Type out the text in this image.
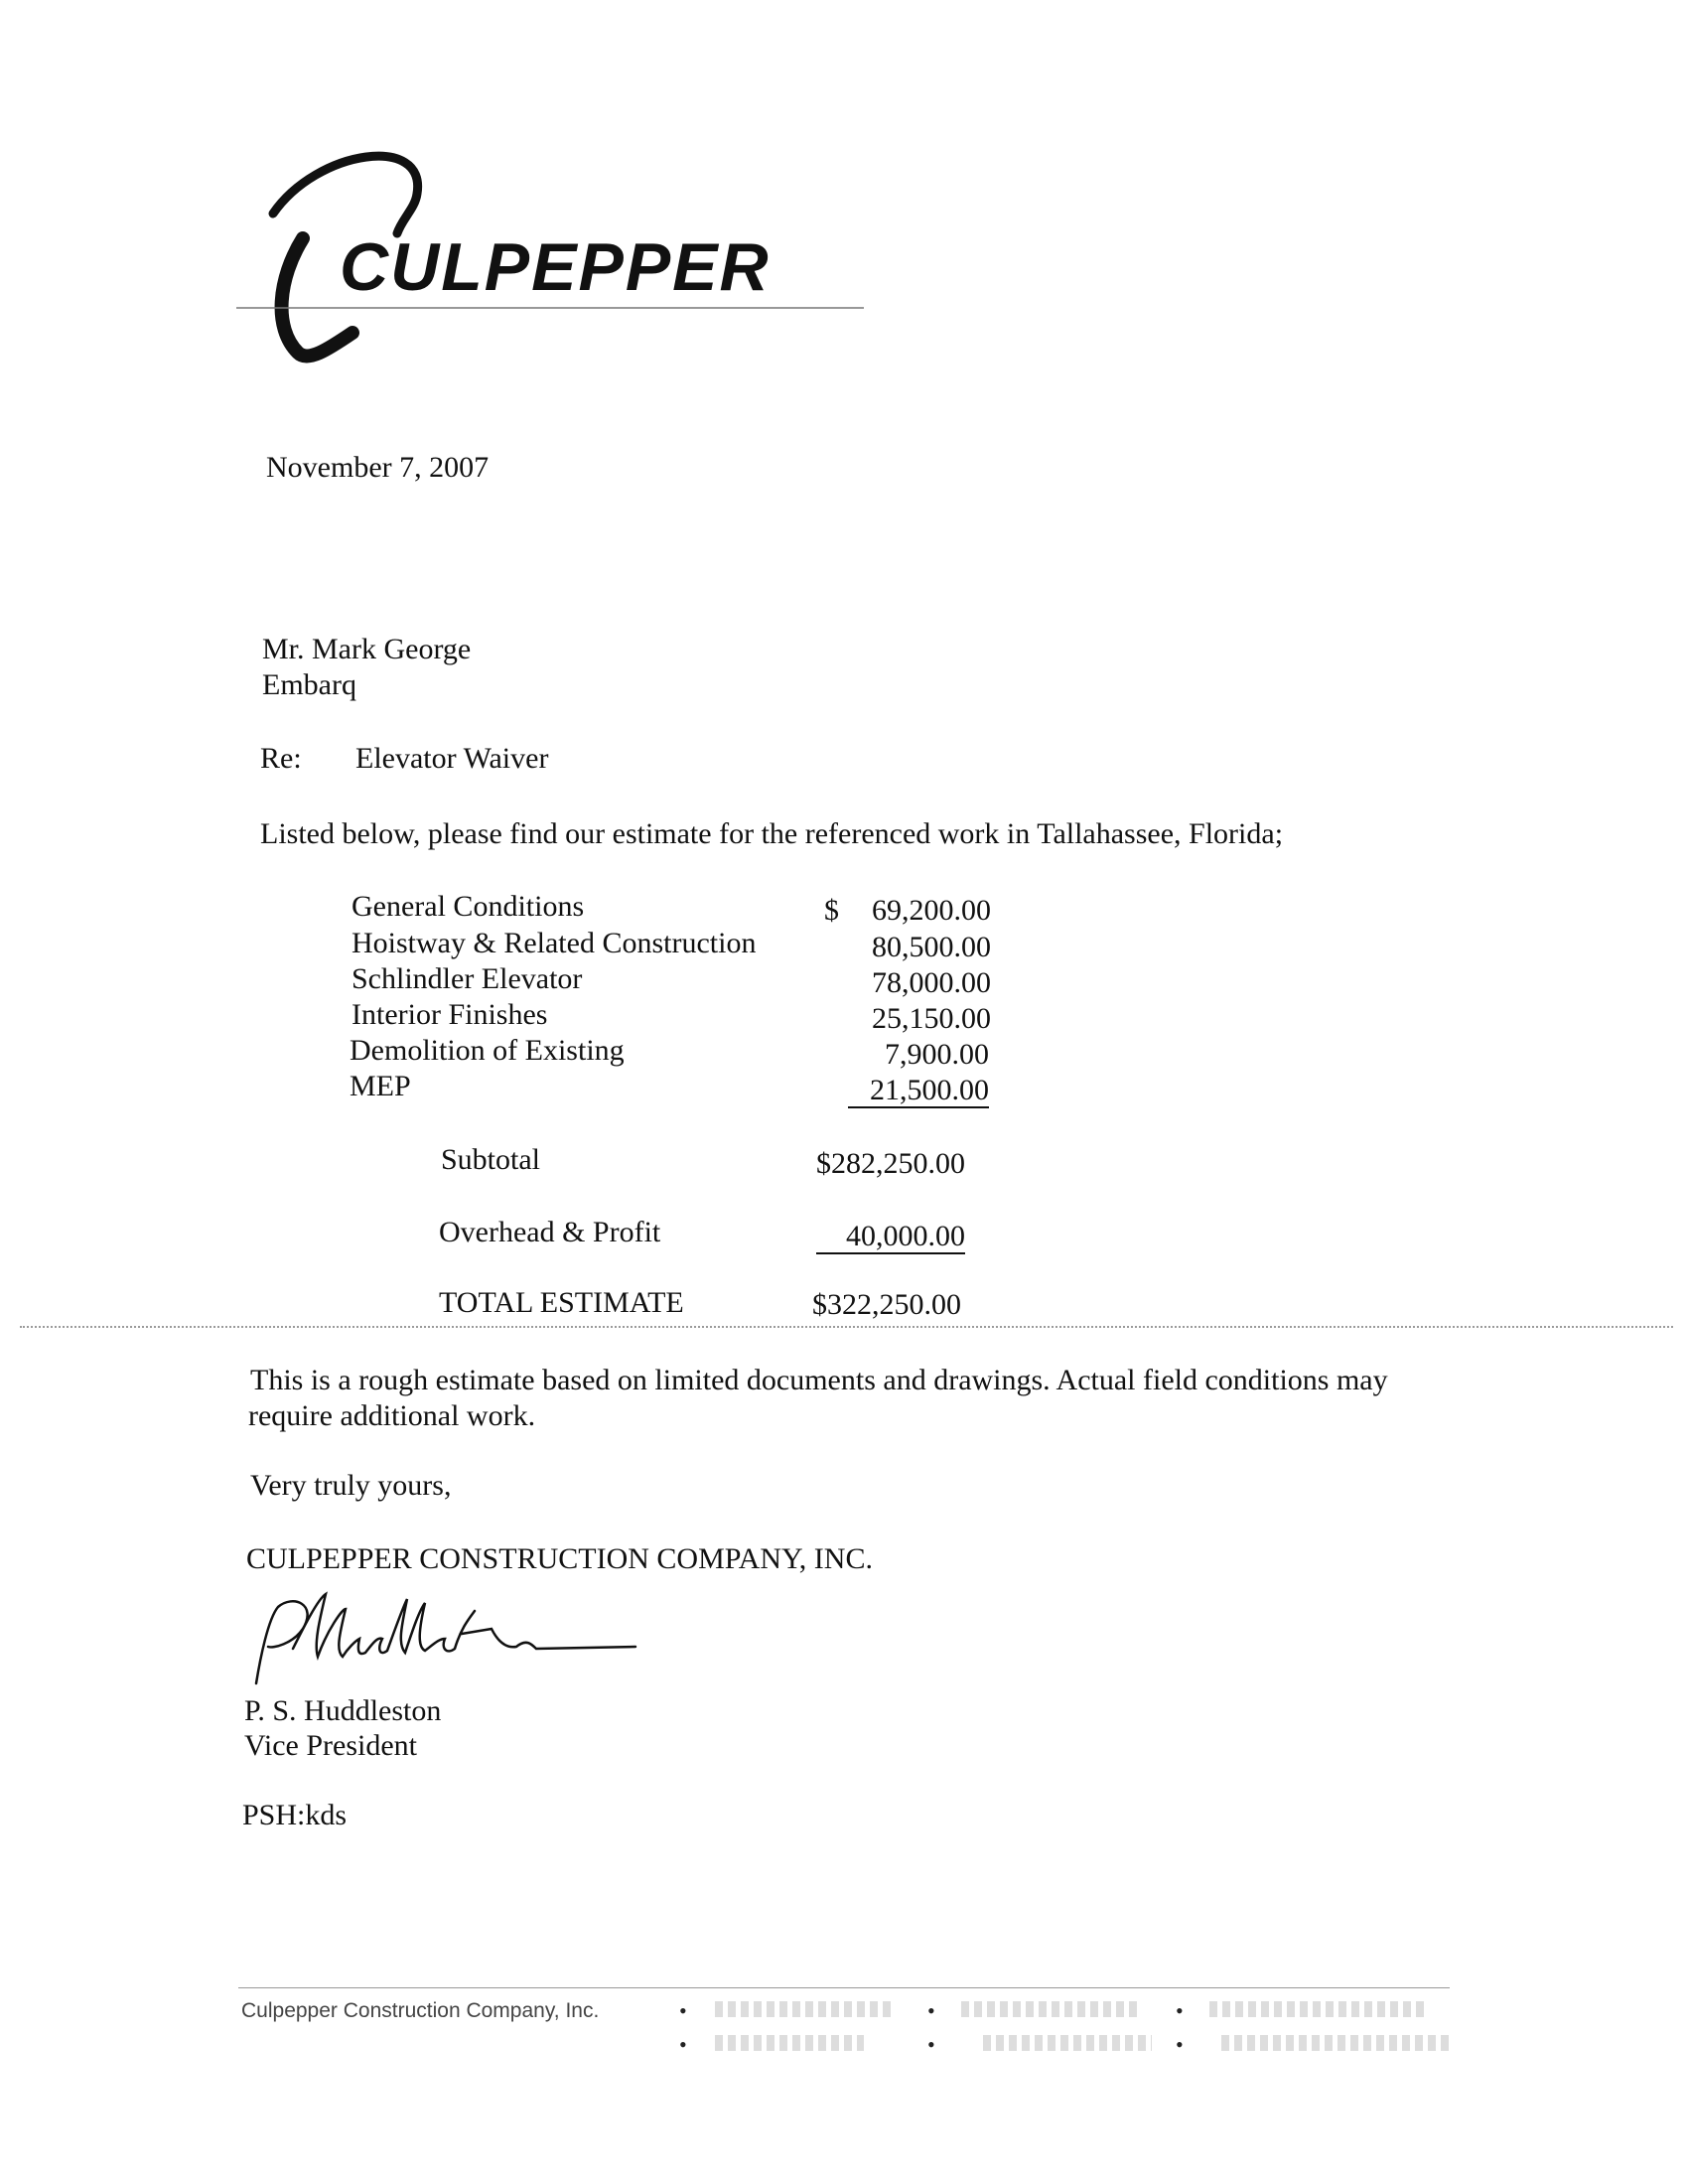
CULPEPPER
November 7, 2007
Mr. Mark George
Embarq
Re: Elevator Waiver
Listed below, please find our estimate for the referenced work in Tallahassee, Florida;
General Conditions	$	69,200.00
Hoistway & Related Construction	80,500.00
Schlindler Elevator	78,000.00
Interior Finishes	25,150.00
Demolition of Existing	7,900.00
MEP	21,500.00
Subtotal	$282,250.00
Overhead & Profit	40,000.00
TOTAL ESTIMATE	$322,250.00
This is a rough estimate based on limited documents and drawings. Actual field conditions may
require additional work.
Very truly yours,
CULPEPPER CONSTRUCTION COMPANY, INC.
P. S. Huddleston
Vice President
PSH:kds
Culpepper Construction Company, Inc.	•	•	•
•	•	•
